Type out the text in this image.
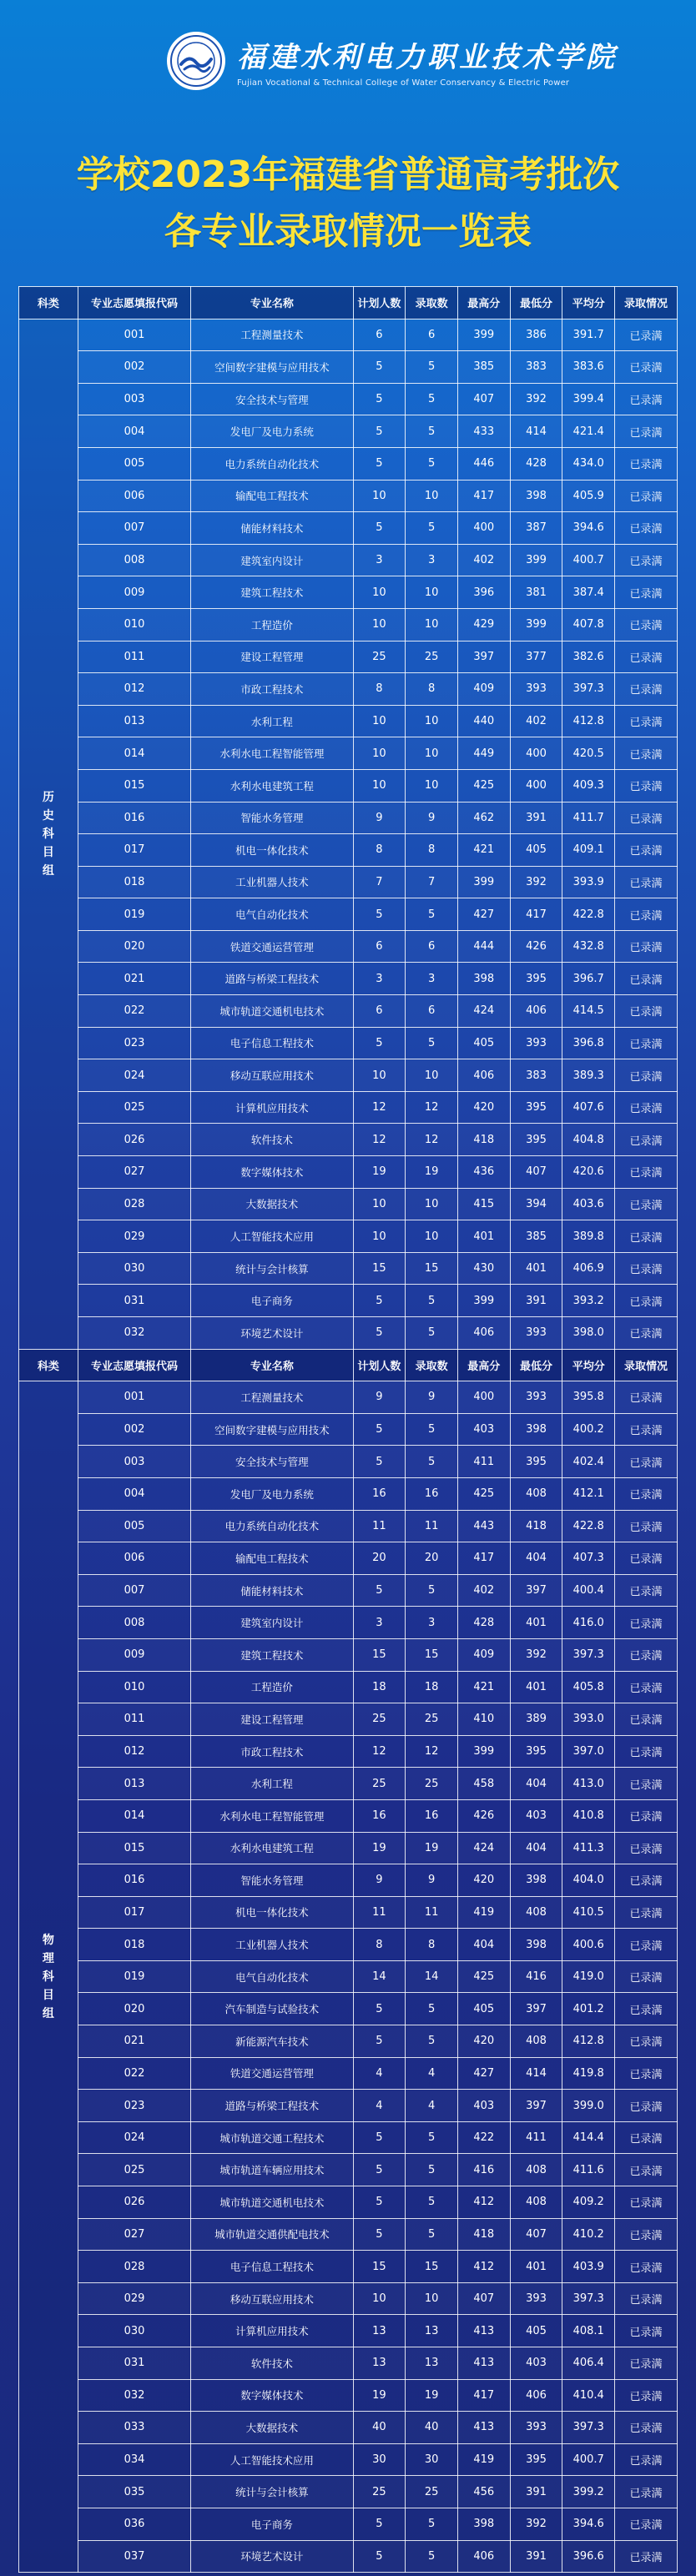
福建水利电力职业技术学院
Fujian Vocational & Technical College of Water Conservancy & Electric Power
学校2023年福建省普通高考批次
各专业录取情况一览表
科类	专业志愿填报代码	专业名称	计划人数	录取数	最高分	最低分	平均分	录取情况

历史科目组	001	工程测量技术	6	6	399	386	391.7	已录满
	002	空间数字建模与应用技术	5	5	385	383	383.6	已录满
	003	安全技术与管理	5	5	407	392	399.4	已录满
	004	发电厂及电力系统	5	5	433	414	421.4	已录满
	005	电力系统自动化技术	5	5	446	428	434.0	已录满
	006	输配电工程技术	10	10	417	398	405.9	已录满
	007	储能材料技术	5	5	400	387	394.6	已录满
	008	建筑室内设计	3	3	402	399	400.7	已录满
	009	建筑工程技术	10	10	396	381	387.4	已录满
	010	工程造价	10	10	429	399	407.8	已录满
	011	建设工程管理	25	25	397	377	382.6	已录满
	012	市政工程技术	8	8	409	393	397.3	已录满
	013	水利工程	10	10	440	402	412.8	已录满
	014	水利水电工程智能管理	10	10	449	400	420.5	已录满
	015	水利水电建筑工程	10	10	425	400	409.3	已录满
	016	智能水务管理	9	9	462	391	411.7	已录满
	017	机电一体化技术	8	8	421	405	409.1	已录满
	018	工业机器人技术	7	7	399	392	393.9	已录满
	019	电气自动化技术	5	5	427	417	422.8	已录满
	020	铁道交通运营管理	6	6	444	426	432.8	已录满
	021	道路与桥梁工程技术	3	3	398	395	396.7	已录满
	022	城市轨道交通机电技术	6	6	424	406	414.5	已录满
	023	电子信息工程技术	5	5	405	393	396.8	已录满
	024	移动互联应用技术	10	10	406	383	389.3	已录满
	025	计算机应用技术	12	12	420	395	407.6	已录满
	026	软件技术	12	12	418	395	404.8	已录满
	027	数字媒体技术	19	19	436	407	420.6	已录满
	028	大数据技术	10	10	415	394	403.6	已录满
	029	人工智能技术应用	10	10	401	385	389.8	已录满
	030	统计与会计核算	15	15	430	401	406.9	已录满
	031	电子商务	5	5	399	391	393.2	已录满
	032	环境艺术设计	5	5	406	393	398.0	已录满
科类	专业志愿填报代码	专业名称	计划人数	录取数	最高分	最低分	平均分	录取情况

物理科目组	001	工程测量技术	9	9	400	393	395.8	已录满
	002	空间数字建模与应用技术	5	5	403	398	400.2	已录满
	003	安全技术与管理	5	5	411	395	402.4	已录满
	004	发电厂及电力系统	16	16	425	408	412.1	已录满
	005	电力系统自动化技术	11	11	443	418	422.8	已录满
	006	输配电工程技术	20	20	417	404	407.3	已录满
	007	储能材料技术	5	5	402	397	400.4	已录满
	008	建筑室内设计	3	3	428	401	416.0	已录满
	009	建筑工程技术	15	15	409	392	397.3	已录满
	010	工程造价	18	18	421	401	405.8	已录满
	011	建设工程管理	25	25	410	389	393.0	已录满
	012	市政工程技术	12	12	399	395	397.0	已录满
	013	水利工程	25	25	458	404	413.0	已录满
	014	水利水电工程智能管理	16	16	426	403	410.8	已录满
	015	水利水电建筑工程	19	19	424	404	411.3	已录满
	016	智能水务管理	9	9	420	398	404.0	已录满
	017	机电一体化技术	11	11	419	408	410.5	已录满
	018	工业机器人技术	8	8	404	398	400.6	已录满
	019	电气自动化技术	14	14	425	416	419.0	已录满
	020	汽车制造与试验技术	5	5	405	397	401.2	已录满
	021	新能源汽车技术	5	5	420	408	412.8	已录满
	022	铁道交通运营管理	4	4	427	414	419.8	已录满
	023	道路与桥梁工程技术	4	4	403	397	399.0	已录满
	024	城市轨道交通工程技术	5	5	422	411	414.4	已录满
	025	城市轨道车辆应用技术	5	5	416	408	411.6	已录满
	026	城市轨道交通机电技术	5	5	412	408	409.2	已录满
	027	城市轨道交通供配电技术	5	5	418	407	410.2	已录满
	028	电子信息工程技术	15	15	412	401	403.9	已录满
	029	移动互联应用技术	10	10	407	393	397.3	已录满
	030	计算机应用技术	13	13	413	405	408.1	已录满
	031	软件技术	13	13	413	403	406.4	已录满
	032	数字媒体技术	19	19	417	406	410.4	已录满
	033	大数据技术	40	40	413	393	397.3	已录满
	034	人工智能技术应用	30	30	419	395	400.7	已录满
	035	统计与会计核算	25	25	456	391	399.2	已录满
	036	电子商务	5	5	398	392	394.6	已录满
	037	环境艺术设计	5	5	406	391	396.6	已录满
